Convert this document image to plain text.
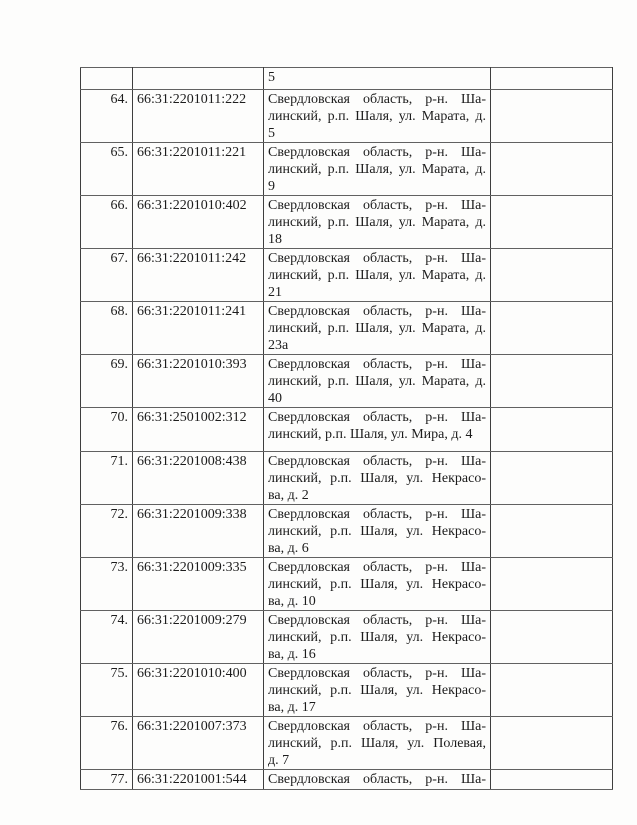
		5	

64.	66:31:2201011:222	Свердловская область, р-н. Ша-
линский, р.п. Шаля, ул. Марата, д.
5	

65.	66:31:2201011:221	Свердловская область, р-н. Ша-
линский, р.п. Шаля, ул. Марата, д.
9	

66.	66:31:2201010:402	Свердловская область, р-н. Ша-
линский, р.п. Шаля, ул. Марата, д.
18	

67.	66:31:2201011:242	Свердловская область, р-н. Ша-
линский, р.п. Шаля, ул. Марата, д.
21	

68.	66:31:2201011:241	Свердловская область, р-н. Ша-
линский, р.п. Шаля, ул. Марата, д.
23а	

69.	66:31:2201010:393	Свердловская область, р-н. Ша-
линский, р.п. Шаля, ул. Марата, д.
40	

70.	66:31:2501002:312	Свердловская область, р-н. Ша-
линский, р.п. Шаля, ул. Мира, д. 4	

71.	66:31:2201008:438	Свердловская область, р-н. Ша-
линский, р.п. Шаля, ул. Некрасо-
ва, д. 2	

72.	66:31:2201009:338	Свердловская область, р-н. Ша-
линский, р.п. Шаля, ул. Некрасо-
ва, д. 6	

73.	66:31:2201009:335	Свердловская область, р-н. Ша-
линский, р.п. Шаля, ул. Некрасо-
ва, д. 10	

74.	66:31:2201009:279	Свердловская область, р-н. Ша-
линский, р.п. Шаля, ул. Некрасо-
ва, д. 16	

75.	66:31:2201010:400	Свердловская область, р-н. Ша-
линский, р.п. Шаля, ул. Некрасо-
ва, д. 17	

76.	66:31:2201007:373	Свердловская область, р-н. Ша-
линский, р.п. Шаля, ул. Полевая,
д. 7	

77.	66:31:2201001:544	Свердловская область, р-н. Ша-	
